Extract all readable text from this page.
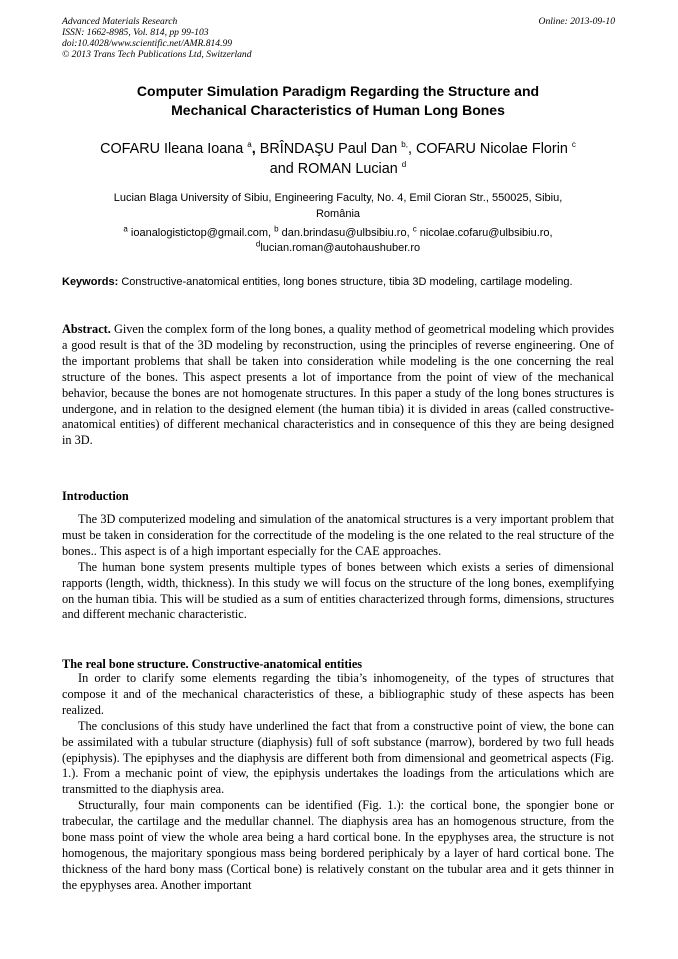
Advanced Materials Research
ISSN: 1662-8985, Vol. 814, pp 99-103
doi:10.4028/www.scientific.net/AMR.814.99
© 2013 Trans Tech Publications Ltd, Switzerland
Online: 2013-09-10
Computer Simulation Paradigm Regarding the Structure and
Mechanical Characteristics of Human Long Bones
COFARU Ileana Ioana $^a$, BRÎNDAŞU Paul Dan $^{b,}$, COFARU Nicolae Florin $^c$
and ROMAN Lucian $^d$
Lucian Blaga University of Sibiu, Engineering Faculty, No. 4, Emil Cioran Str., 550025, Sibiu,
România
$^a$ ioanalogistictop@gmail.com, $^b$ dan.brindasu@ulbsibiu.ro, $^c$ nicolae.cofaru@ulbsibiu.ro,
$^d$lucian.roman@autohaushuber.ro
Keywords: Constructive-anatomical entities, long bones structure, tibia 3D modeling, cartilage modeling.

Abstract. Given the complex form of the long bones, a quality method of geometrical modeling which provides a good result is that of the 3D modeling by reconstruction, using the principles of reverse engineering. One of the important problems that shall be taken into consideration while modeling is the one concerning the real structure of the bones. This aspect presents a lot of importance from the point of view of the mechanical behavior, because the bones are not homogenate structures. In this paper a study of the long bones structures is undergone, and in relation to the designed element (the human tibia) it is divided in areas (called constructive-anatomical entities) of different mechanical characteristics and in consequence of this they are being designed in 3D.

Introduction

The 3D computerized modeling and simulation of the anatomical structures is a very important problem that must be taken in consideration for the correctitude of the modeling is the one related to the real structure of the bones.. This aspect is of a high important especially for the CAE approaches.

The human bone system presents multiple types of bones between which exists a series of dimensional rapports (length, width, thickness). In this study we will focus on the structure of the long bones, exemplifying on the human tibia. This will be studied as a sum of entities characterized through forms, dimensions, structures and different mechanic characteristic.

The real bone structure. Constructive-anatomical entities

In order to clarify some elements regarding the tibia’s inhomogeneity, of the types of structures that compose it and of the mechanical characteristics of these, a bibliographic study of these aspects has been realized.

The conclusions of this study have underlined the fact that from a constructive point of view, the bone can be assimilated with a tubular structure (diaphysis) full of soft substance (marrow), bordered by two full heads (epiphysis). The epiphyses and the diaphysis are different both from dimensional and geometrical aspects (Fig. 1.). From a mechanic point of view, the epiphysis undertakes the loadings from the articulations which are transmitted to the diaphysis area.

Structurally, four main components can be identified (Fig. 1.): the cortical bone, the spongier bone or trabecular, the cartilage and the medullar channel. The diaphysis area has an homogenous structure, from the bone mass point of view the whole area being a hard cortical bone. In the epyphyses area, the structure is not homogenous, the majoritary spongious mass being bordered periphicaly by a layer of hard cortical bone. The thickness of the hard bony mass (Cortical bone) is relatively constant on the tubular area and it gets thinner in the epyphyses area. Another important
